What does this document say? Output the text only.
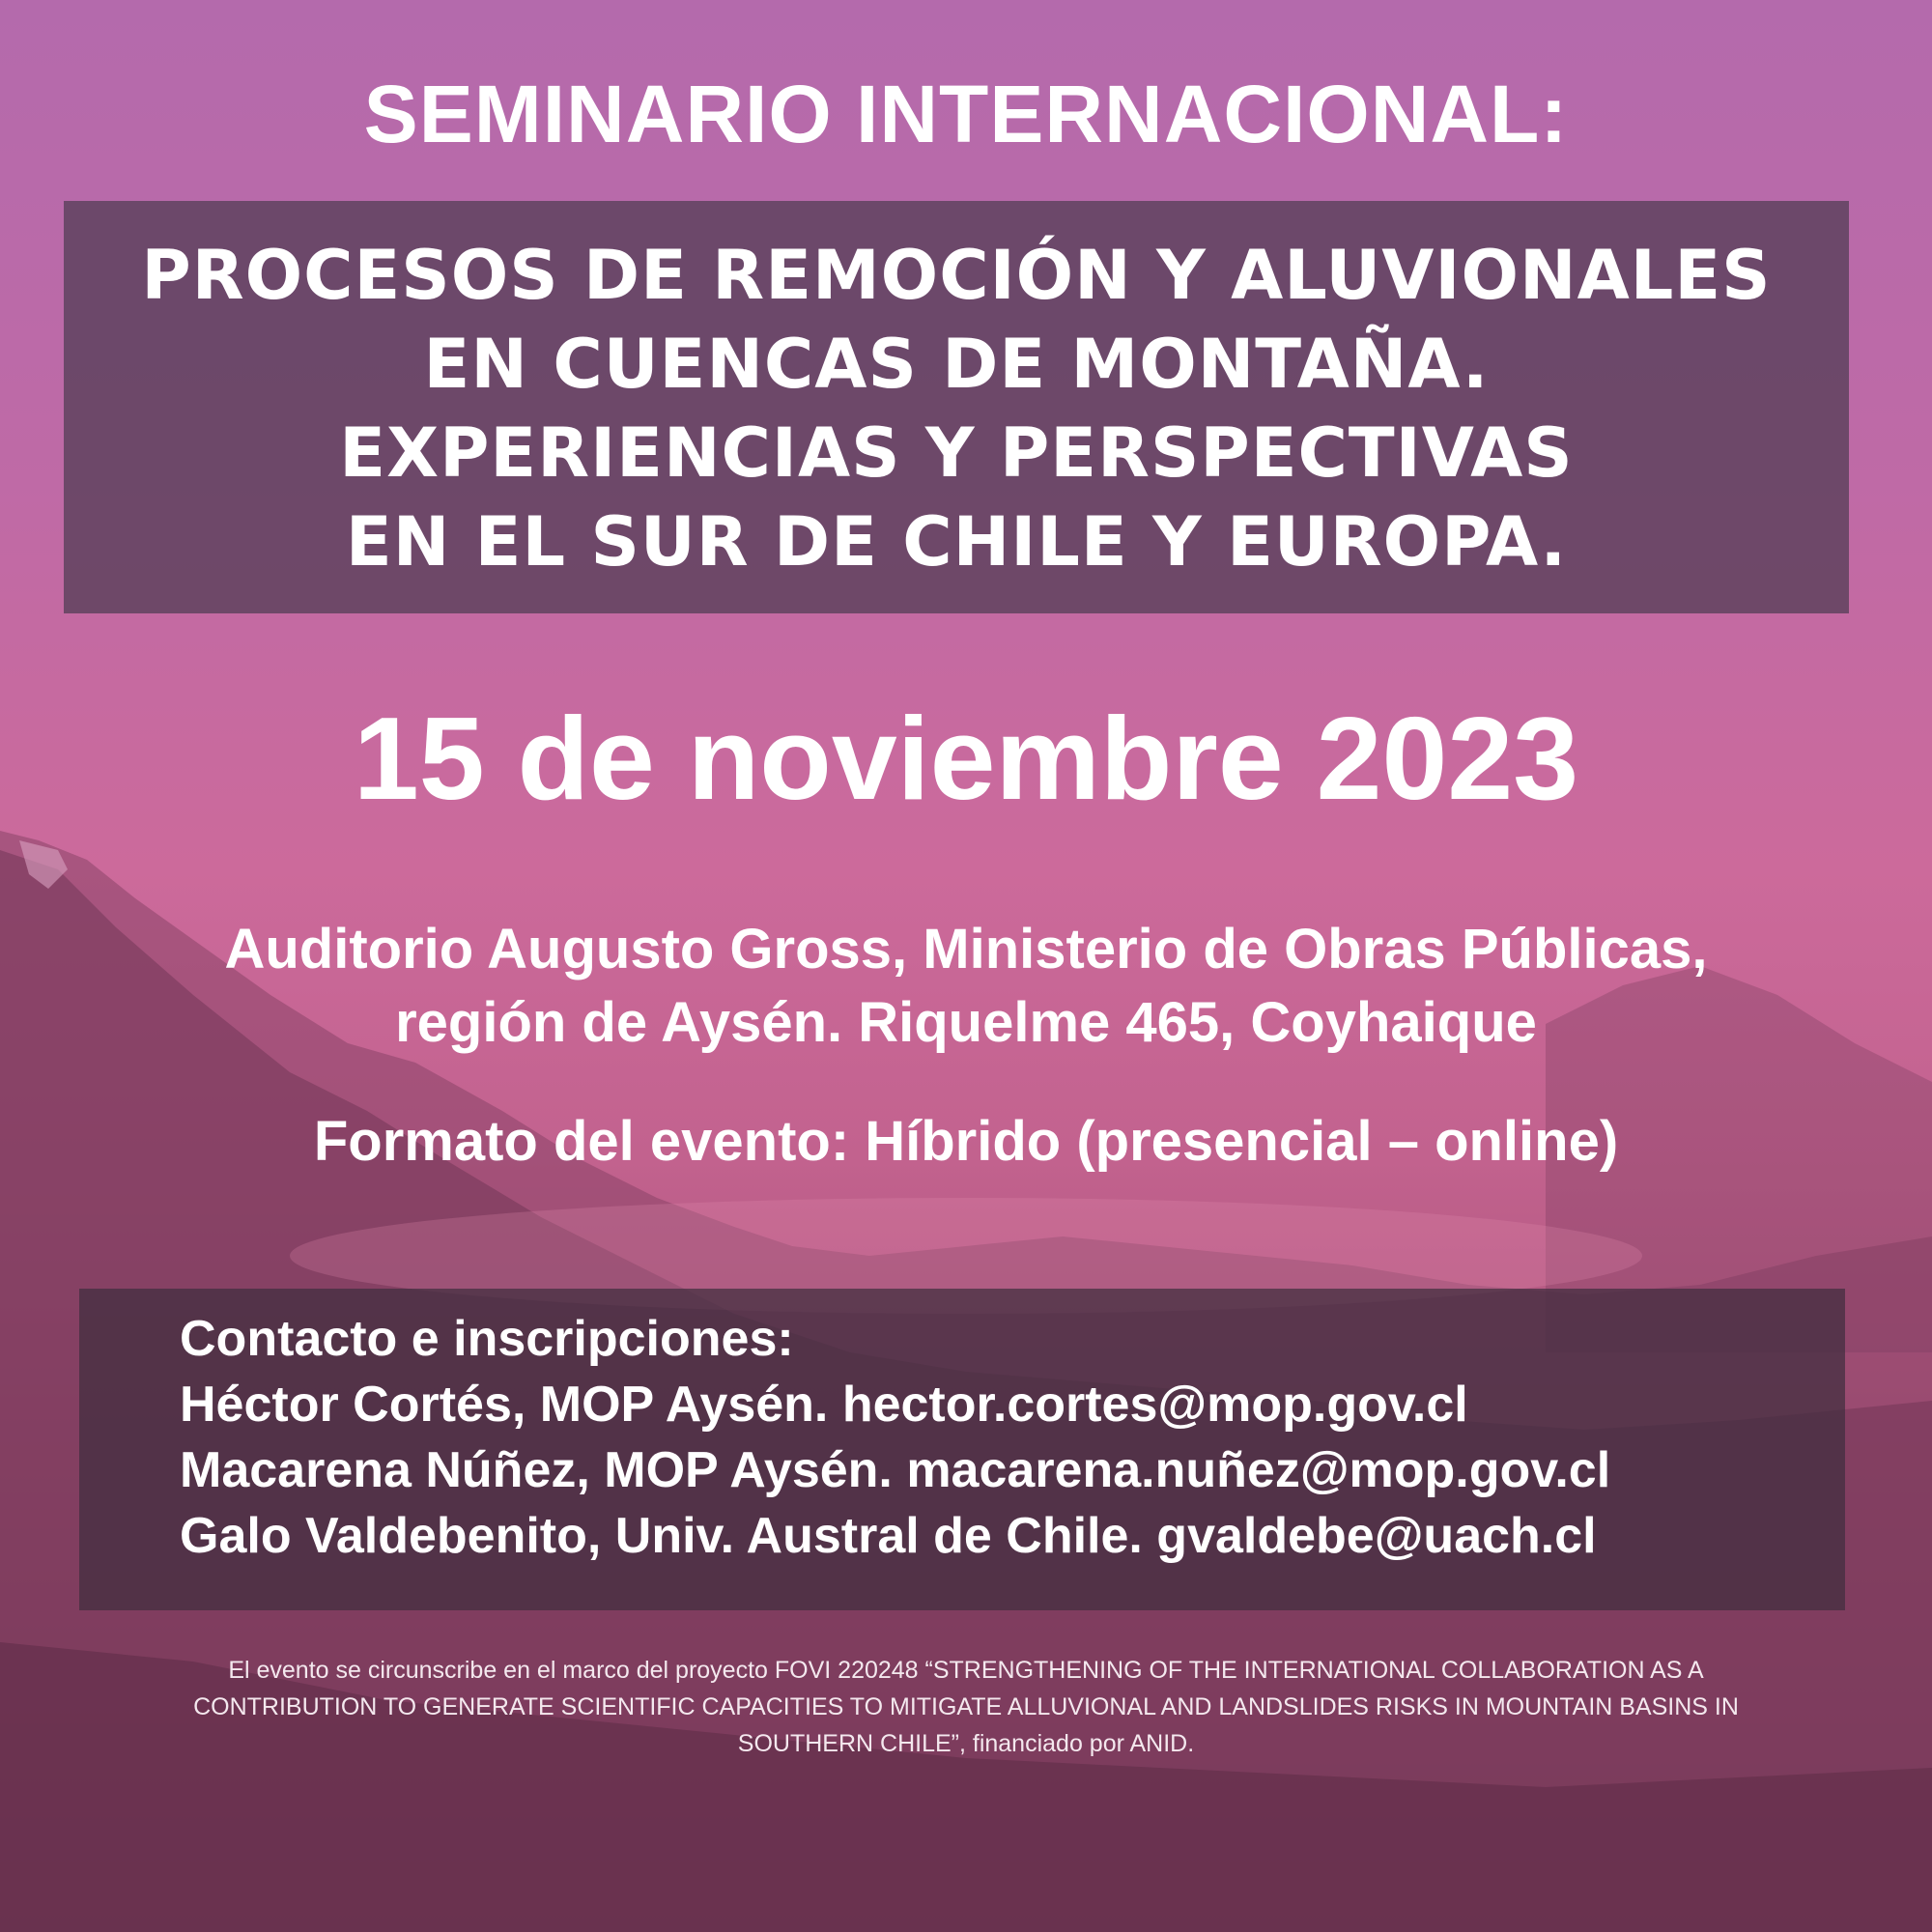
SEMINARIO INTERNACIONAL:
PROCESOS DE REMOCIÓN Y ALUVIONALES
EN CUENCAS DE MONTAÑA.
EXPERIENCIAS Y PERSPECTIVAS
EN EL SUR DE CHILE Y EUROPA.

15 de noviembre 2023

Auditorio Augusto Gross, Ministerio de Obras Públicas,
región de Aysén. Riquelme 465, Coyhaique

Formato del evento: Híbrido (presencial – online)

Contacto e inscripciones:
Héctor Cortés, MOP Aysén. hector.cortes@mop.gov.cl
Macarena Núñez, MOP Aysén. macarena.nuñez@mop.gov.cl
Galo Valdebenito, Univ. Austral de Chile. gvaldebe@uach.cl

El evento se circunscribe en el marco del proyecto FOVI 220248 “STRENGTHENING OF THE INTERNATIONAL COLLABORATION AS A
CONTRIBUTION TO GENERATE SCIENTIFIC CAPACITIES TO MITIGATE ALLUVIONAL AND LANDSLIDES RISKS IN MOUNTAIN BASINS IN
SOUTHERN CHILE”, financiado por ANID.
